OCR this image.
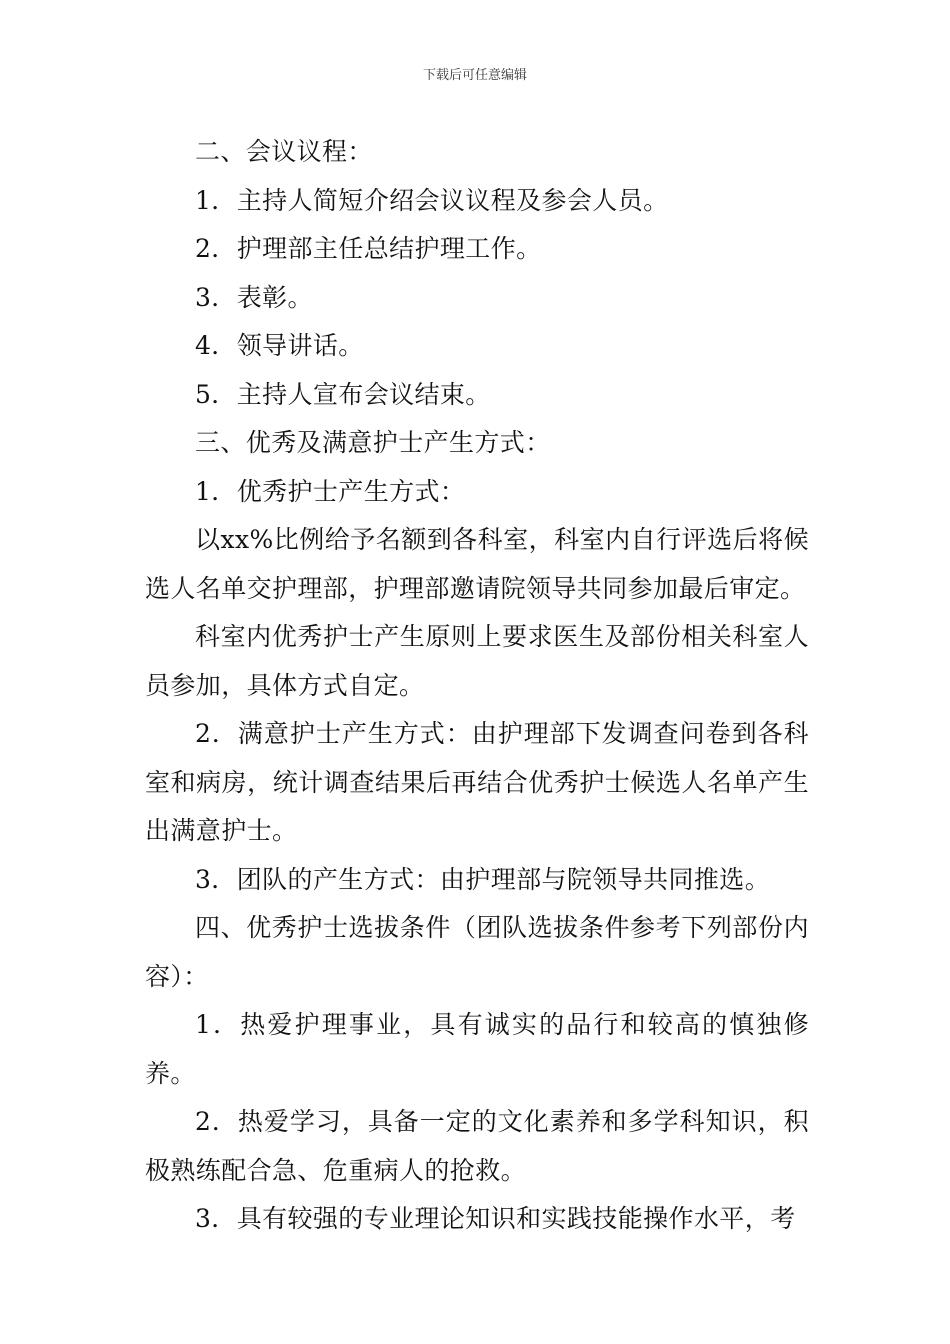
下载后可任意编辑

二、会议议程：

1．主持人简短介绍会议议程及参会人员。

2．护理部主任总结护理工作。

3．表彰。

4．领导讲话。

5．主持人宣布会议结束。

三、优秀及满意护士产生方式：

1．优秀护士产生方式：

以xx%比例给予名额到各科室，科室内自行评选后将候选人名单交护理部，护理部邀请院领导共同参加最后审定。

科室内优秀护士产生原则上要求医生及部份相关科室人员参加，具体方式自定。

2．满意护士产生方式：由护理部下发调查问卷到各科室和病房，统计调查结果后再结合优秀护士候选人名单产生出满意护士。

3．团队的产生方式：由护理部与院领导共同推选。

四、优秀护士选拔条件（团队选拔条件参考下列部份内容）：

1．热爱护理事业，具有诚实的品行和较高的慎独修养。

2．热爱学习，具备一定的文化素养和多学科知识，积极熟练配合急、危重病人的抢救。

3．具有较强的专业理论知识和实践技能操作水平，考
